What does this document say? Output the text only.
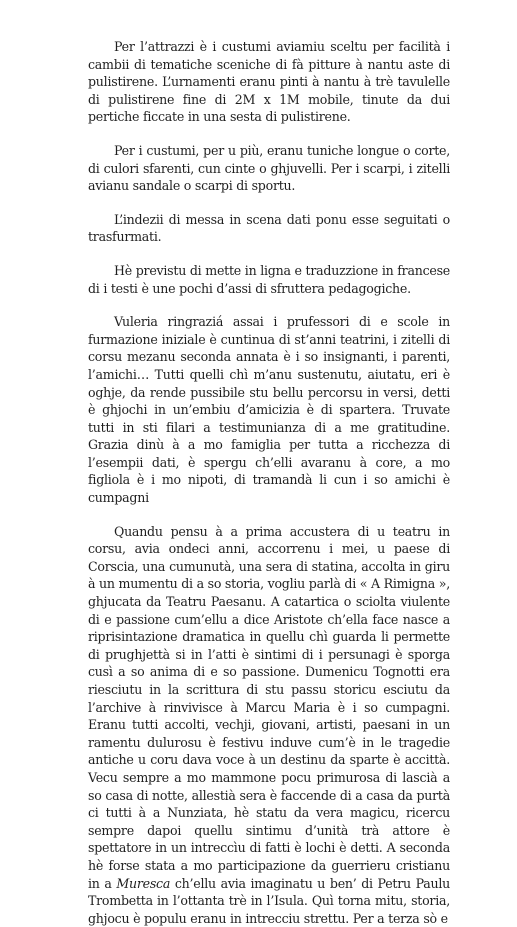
Per l’attrazzi è i custumi aviamiu sceltu per facilità i cambii di tematiche sceniche di fà pitture à nantu aste di pulistirene. L’urnamenti eranu pinti à nantu à trè tavulelle di pulistirene fine di 2M x 1M mobile, tinute da dui pertiche ficcate in una sesta di pulistirene.

Per i custumi, per u più, eranu tuniche longue o corte, di culori sfarenti, cun cinte o ghjuvelli. Per i scarpi, i zitelli avianu sandale o scarpi di sportu.

L’indezii di messa in scena dati ponu esse seguitati o trasfurmati.

Hè previstu di mette in ligna e traduzzione in francese di i testi è une pochi d’assi di sfruttera pedagogiche.

Vuleria ringraziá assai i prufessori di e scole in furmazione iniziale è cuntinua di st’anni teatrini, i zitelli di corsu mezanu seconda annata è i so insignanti, i parenti, l’amichi… Tutti quelli chì m’anu sustenutu, aiutatu, eri è oghje, da rende pussibile stu bellu percorsu in versi, detti è ghjochi in un’embiu d’amicizia è di spartera. Truvate tutti in sti filari a testimunianza di a me gratitudine. Grazia dinù à a mo famiglia per tutta a ricchezza di l’esempii dati, è spergu ch’elli avaranu à core, a mo figliola è i mo nipoti, di tramandà li cun i so amichi è cumpagni

Quandu pensu à a prima accustera di u teatru in corsu, avia ondeci anni, accorrenu i mei, u paese di Corscia, una cumunutà, una sera di statina, accolta in giru à un mumentu di a so storia, vogliu parlà di « A Rimigna », ghjucata da Teatru Paesanu. A catartica o sciolta viulente di e passione cum’ellu a dice Aristote ch’ella face nasce a riprisintazione dramatica in quellu chì guarda li permette di prughjettà si in l’atti è sintimi di i persunagi è sporga cusì a so anima di e so passione. Dumenicu Tognotti era riesciutu in la scrittura di stu passu storicu esciutu da l’archive à rinvivisce à Marcu Maria è i so cumpagni. Eranu tutti accolti, vechji, giovani, artisti, paesani in un ramentu dulurosu è festivu induve cum’è in le tragedie antiche u coru dava voce à un destinu da sparte è accittà. Vecu sempre a mo mammone pocu primurosa di lascià a so casa di notte, allestià sera è faccende di a casa da purtà ci tutti à a Nunziata, hè statu da vera magicu, ricercu sempre dapoi quellu sintimu d’unità trà attore è spettatore in un intreccìu di fatti è lochi è detti. A seconda hè forse stata a mo participazione da guerrieru cristianu in a Muresca ch’ellu avia imaginatu u ben’ di Petru Paulu Trombetta in l’ottanta trè in l’Isula. Quì torna mitu, storia, ghjocu è populu eranu in intrecciu strettu. Per a terza sò e
